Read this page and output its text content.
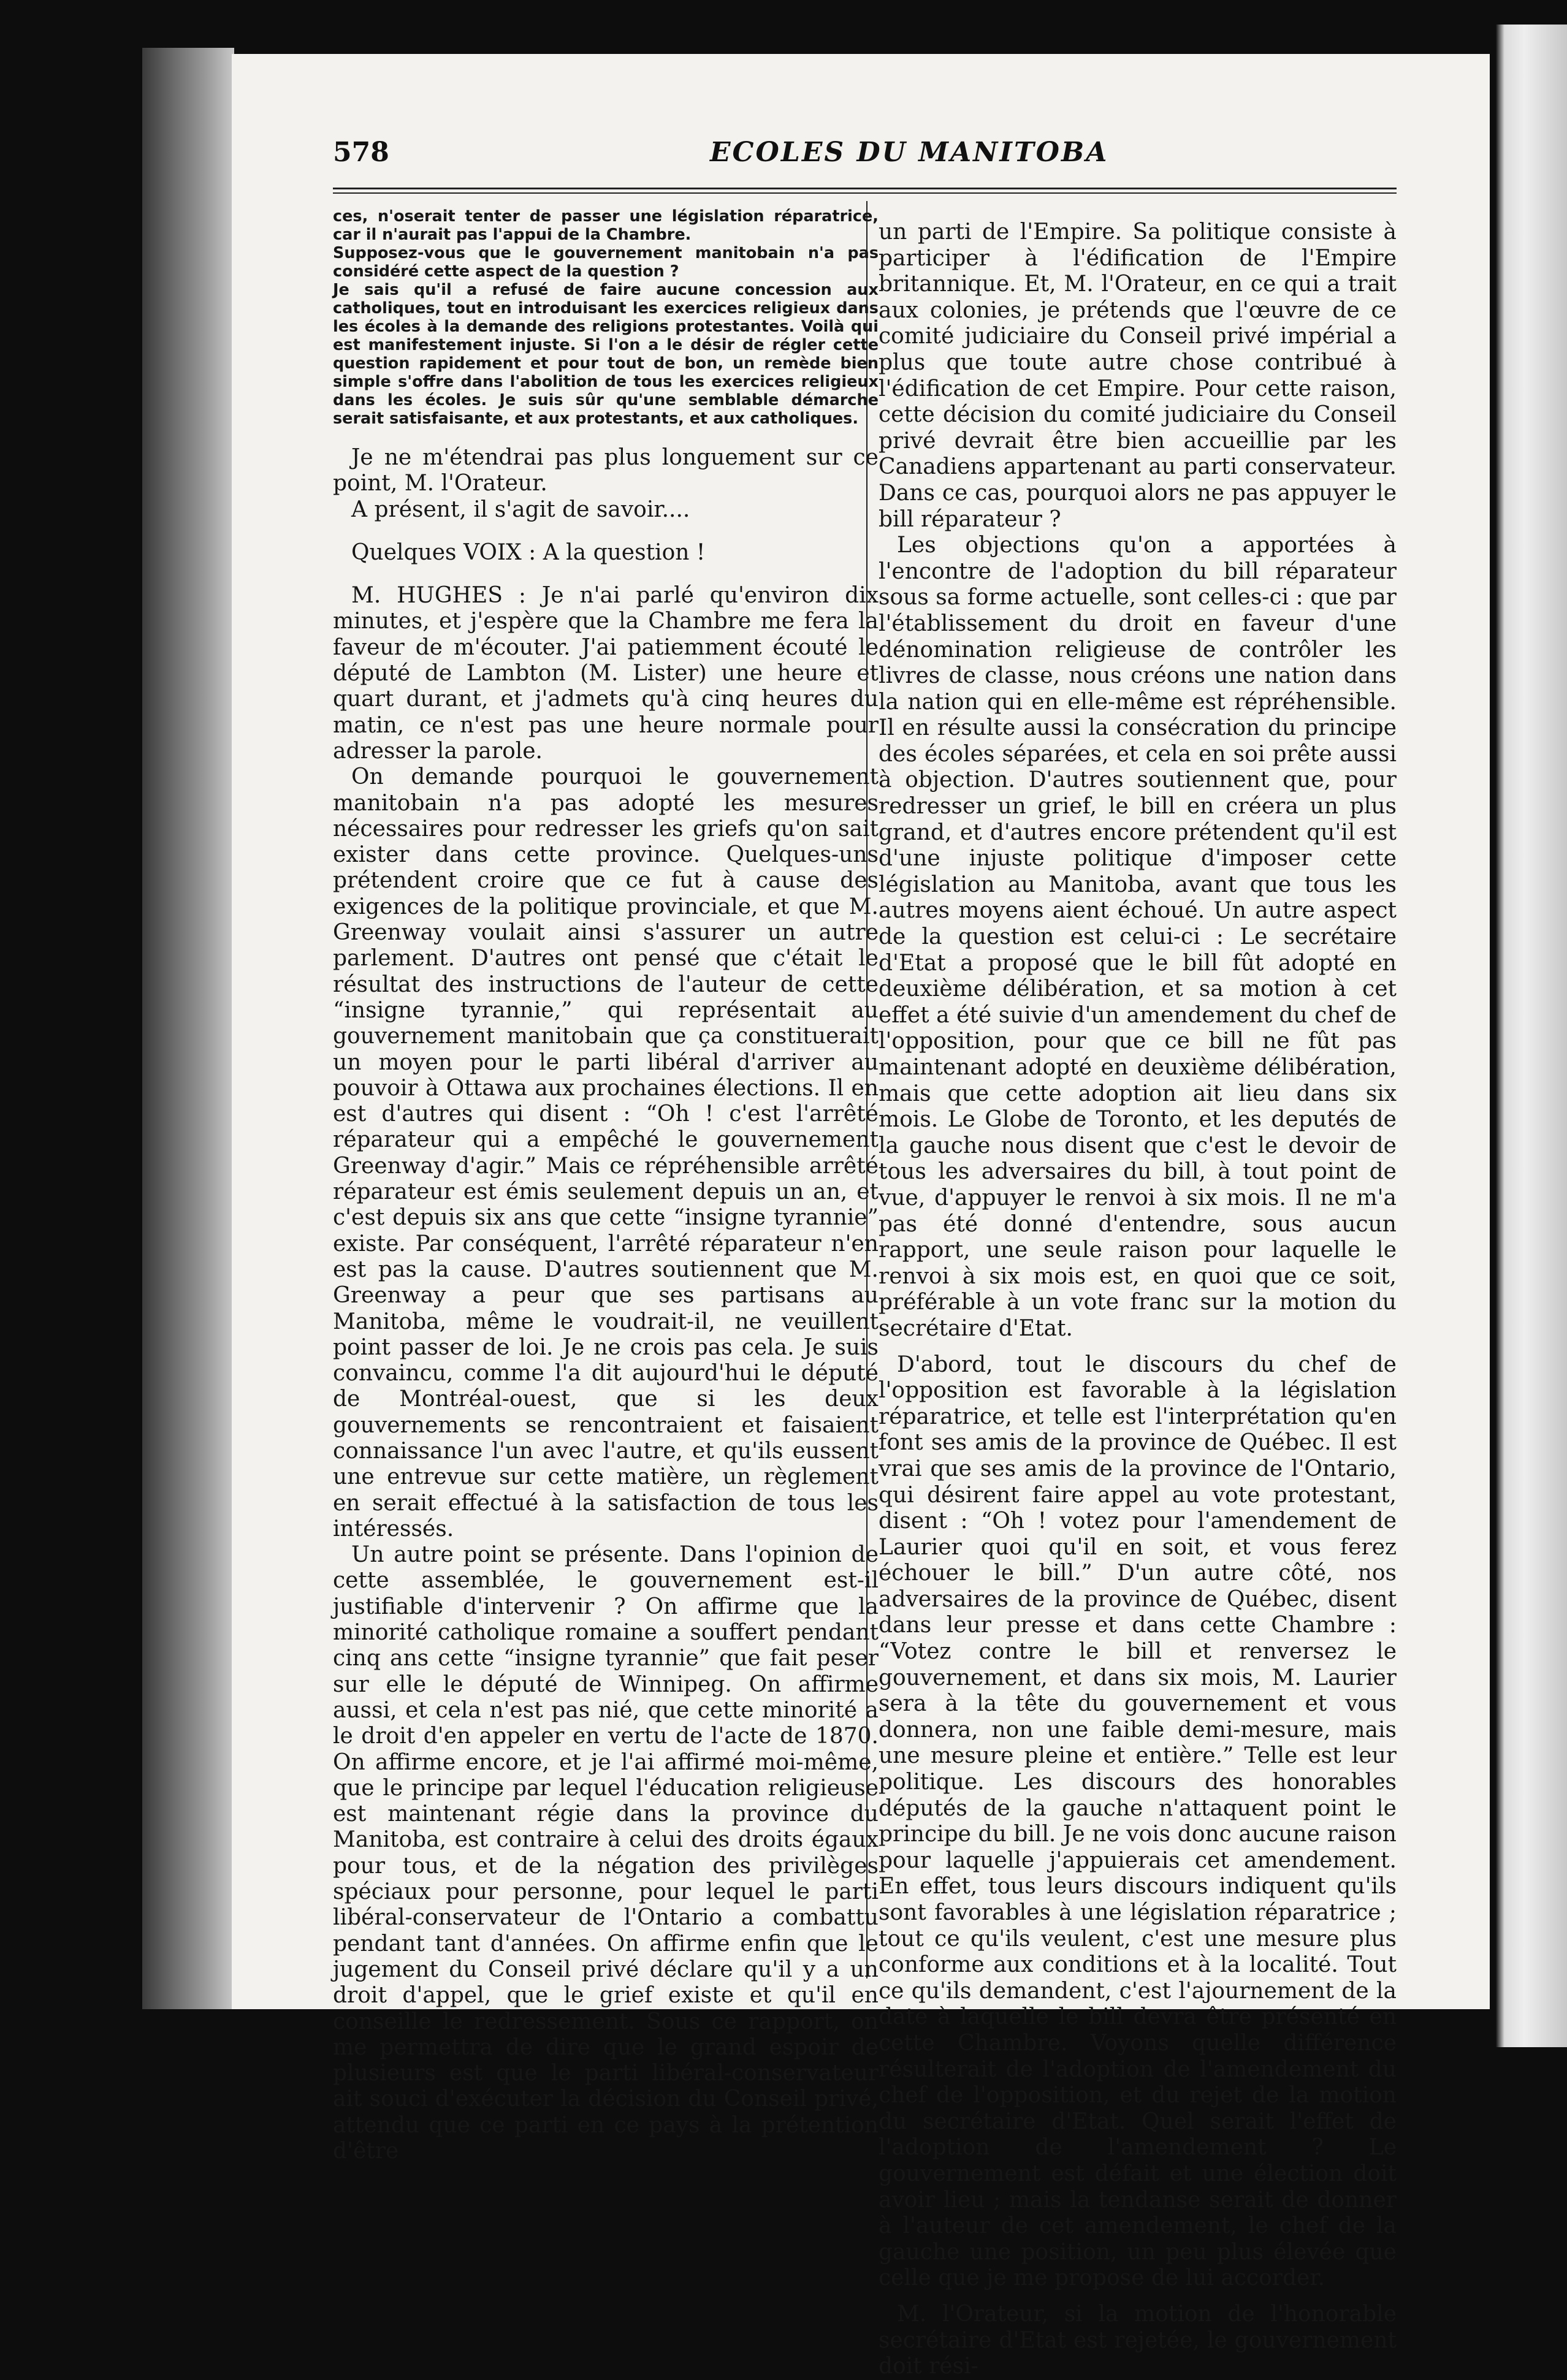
578	ECOLES DU MANITOBA

ces, n'oserait tenter de passer une législation réparatrice, car il n'aurait pas l'appui de la Chambre.

Supposez-vous que le gouvernement manitobain n'a pas considéré cette aspect de la question ?

Je sais qu'il a refusé de faire aucune concession aux catholiques, tout en introduisant les exercices religieux dans les écoles à la demande des religions protestantes. Voilà qui est manifestement injuste. Si l'on a le désir de régler cette question rapidement et pour tout de bon, un remède bien simple s'offre dans l'abolition de tous les exercices religieux dans les écoles. Je suis sûr qu'une semblable démarche serait satisfaisante, et aux protestants, et aux catholiques.

Je ne m'étendrai pas plus longuement sur ce point, M. l'Orateur.

A présent, il s'agit de savoir....

Quelques VOIX : A la question !

M. HUGHES : Je n'ai parlé qu'environ dix minutes, et j'espère que la Chambre me fera la faveur de m'écouter. J'ai patiemment écouté le député de Lambton (M. Lister) une heure et quart durant, et j'admets qu'à cinq heures du matin, ce n'est pas une heure normale pour adresser la parole.

On demande pourquoi le gouvernement manitobain n'a pas adopté les mesures nécessaires pour redresser les griefs qu'on sait exister dans cette province. Quelques-uns prétendent croire que ce fut à cause des exigences de la politique provinciale, et que M. Greenway voulait ainsi s'assurer un autre parlement. D'autres ont pensé que c'était le résultat des instructions de l'auteur de cette “insigne tyrannie,” qui représentait au gouvernement manitobain que ça constituerait un moyen pour le parti libéral d'arriver au pouvoir à Ottawa aux prochaines élections. Il en est d'autres qui disent : “Oh ! c'est l'arrêté réparateur qui a empêché le gouvernement Greenway d'agir.” Mais ce répréhensible arrêté réparateur est émis seulement depuis un an, et c'est depuis six ans que cette “insigne tyrannie” existe. Par conséquent, l'arrêté réparateur n'en est pas la cause. D'autres soutiennent que M. Greenway a peur que ses partisans au Manitoba, même le voudrait-il, ne veuillent point passer de loi. Je ne crois pas cela. Je suis convaincu, comme l'a dit aujourd'hui le député de Montréal-ouest, que si les deux gouvernements se rencontraient et faisaient connaissance l'un avec l'autre, et qu'ils eussent une entrevue sur cette matière, un règlement en serait effectué à la satisfaction de tous les intéressés.

Un autre point se présente. Dans l'opinion de cette assemblée, le gouvernement est-il justifiable d'intervenir ? On affirme que la minorité catholique romaine a souffert pendant cinq ans cette “insigne tyrannie” que fait peser sur elle le député de Winnipeg. On affirme aussi, et cela n'est pas nié, que cette minorité a le droit d'en appeler en vertu de l'acte de 1870. On affirme encore, et je l'ai affirmé moi-même, que le principe par lequel l'éducation religieuse est maintenant régie dans la province du Manitoba, est contraire à celui des droits égaux pour tous, et de la négation des privilèges spéciaux pour personne, pour lequel le parti libéral-conservateur de l'Ontario a combattu pendant tant d'années. On affirme enfin que le jugement du Conseil privé déclare qu'il y a un droit d'appel, que le grief existe et qu'il en conseille le redressement. Sous ce rapport, on me permettra de dire que le grand espoir de plusieurs est que le parti libéral-conservateur ait souci d'exécuter la décision du Conseil privé, attendu que ce parti en ce pays à la prétention d'être

un parti de l'Empire. Sa politique consiste à participer à l'édification de l'Empire britannique. Et, M. l'Orateur, en ce qui a trait aux colonies, je prétends que l'œuvre de ce comité judiciaire du Conseil privé impérial a plus que toute autre chose contribué à l'édification de cet Empire. Pour cette raison, cette décision du comité judiciaire du Conseil privé devrait être bien accueillie par les Canadiens appartenant au parti conservateur. Dans ce cas, pourquoi alors ne pas appuyer le bill réparateur ?

Les objections qu'on a apportées à l'encontre de l'adoption du bill réparateur sous sa forme actuelle, sont celles-ci : que par l'établissement du droit en faveur d'une dénomination religieuse de contrôler les livres de classe, nous créons une nation dans la nation qui en elle-même est répréhensible. Il en résulte aussi la consécration du principe des écoles séparées, et cela en soi prête aussi à objection. D'autres soutiennent que, pour redresser un grief, le bill en créera un plus grand, et d'autres encore prétendent qu'il est d'une injuste politique d'imposer cette législation au Manitoba, avant que tous les autres moyens aient échoué. Un autre aspect de la question est celui-ci : Le secrétaire d'Etat a proposé que le bill fût adopté en deuxième délibération, et sa motion à cet effet a été suivie d'un amendement du chef de l'opposition, pour que ce bill ne fût pas maintenant adopté en deuxième délibération, mais que cette adoption ait lieu dans six mois. Le Globe de Toronto, et les deputés de la gauche nous disent que c'est le devoir de tous les adversaires du bill, à tout point de vue, d'appuyer le renvoi à six mois. Il ne m'a pas été donné d'entendre, sous aucun rapport, une seule raison pour laquelle le renvoi à six mois est, en quoi que ce soit, préférable à un vote franc sur la motion du secrétaire d'Etat.

D'abord, tout le discours du chef de l'opposition est favorable à la législation réparatrice, et telle est l'interprétation qu'en font ses amis de la province de Québec. Il est vrai que ses amis de la province de l'Ontario, qui désirent faire appel au vote protestant, disent : “Oh ! votez pour l'amendement de Laurier quoi qu'il en soit, et vous ferez échouer le bill.” D'un autre côté, nos adversaires de la province de Québec, disent dans leur presse et dans cette Chambre : “Votez contre le bill et renversez le gouvernement, et dans six mois, M. Laurier sera à la tête du gouvernement et vous donnera, non une faible demi-mesure, mais une mesure pleine et entière.” Telle est leur politique. Les discours des honorables députés de la gauche n'attaquent point le principe du bill. Je ne vois donc aucune raison pour laquelle j'appuierais cet amendement. En effet, tous leurs discours indiquent qu'ils sont favorables à une législation réparatrice ; tout ce qu'ils veulent, c'est une mesure plus conforme aux conditions et à la localité. Tout ce qu'ils demandent, c'est l'ajournement de la date à laquelle le bill devra être présenté en cette Chambre. Voyons quelle différence résulterait de l'adoption de l'amendement du chef de l'opposition, et du rejet de la motion du secrétaire d'Etat. Quel serait l'effet de l'adoption de l'amendement ? Le gouvernement est défait et une élection doit avoir lieu ; mais la tendanse serait de donner à l'auteur de cet amendement, le chef de la gauche une position, un peu plus élevée que celle que je me propose de lui accorder.

M. l'Orateur, si la motion de l'honorable secrétaire d'Etat est rejetée, le gouvernement doit rési-
